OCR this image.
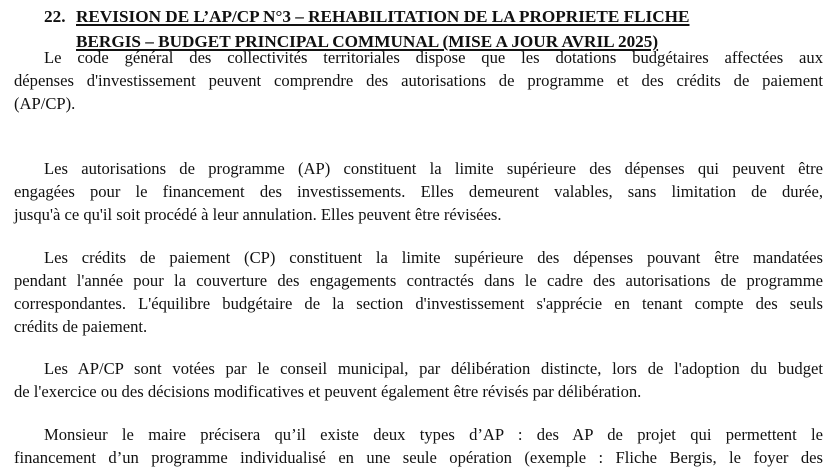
22. REVISION DE L’AP/CP N°3 – REHABILITATION DE LA PROPRIETE FLICHE
BERGIS – BUDGET PRINCIPAL COMMUNAL (MISE A JOUR AVRIL 2025)
Le code général des collectivités territoriales dispose que les dotations budgétaires affectées aux
dépenses d'investissement peuvent comprendre des autorisations de programme et des crédits de paiement
(AP/CP).
Les autorisations de programme (AP) constituent la limite supérieure des dépenses qui peuvent être
engagées pour le financement des investissements. Elles demeurent valables, sans limitation de durée,
jusqu'à ce qu'il soit procédé à leur annulation. Elles peuvent être révisées.
Les crédits de paiement (CP) constituent la limite supérieure des dépenses pouvant être mandatées
pendant l'année pour la couverture des engagements contractés dans le cadre des autorisations de programme
correspondantes. L'équilibre budgétaire de la section d'investissement s'apprécie en tenant compte des seuls
crédits de paiement.
Les AP/CP sont votées par le conseil municipal, par délibération distincte, lors de l'adoption du budget
de l'exercice ou des décisions modificatives et peuvent également être révisés par délibération.
Monsieur le maire précisera qu’il existe deux types d’AP : des AP de projet qui permettent le
financement d’un programme individualisé en une seule opération (exemple : Fliche Bergis, le foyer des
